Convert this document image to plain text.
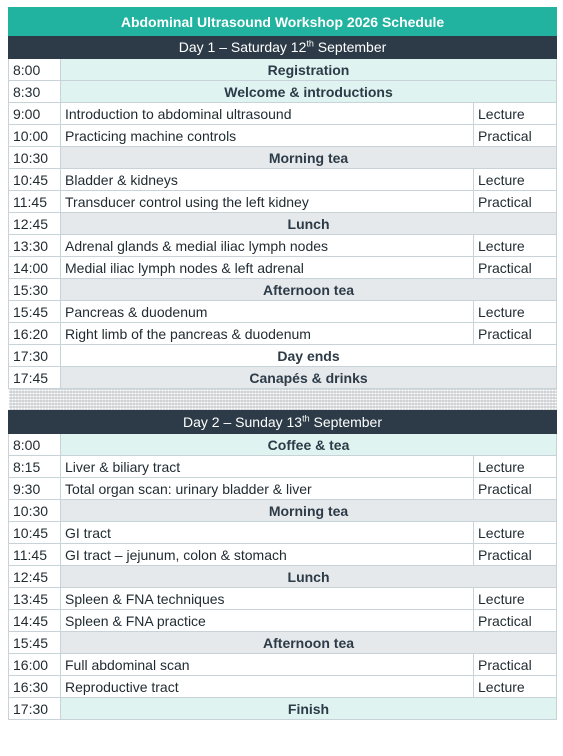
Abdominal Ultrasound Workshop 2026 Schedule		
Day 1 – Saturday 12th September		
8:00	Registration	
8:30	Welcome & introductions	
9:00	Introduction to abdominal ultrasound	Lecture
10:00	Practicing machine controls	Practical
10:30	Morning tea	
10:45	Bladder & kidneys	Lecture
11:45	Transducer control using the left kidney	Practical
12:45	Lunch	
13:30	Adrenal glands & medial iliac lymph nodes	Lecture
14:00	Medial iliac lymph nodes & left adrenal	Practical
15:30	Afternoon tea	
15:45	Pancreas & duodenum	Lecture
16:20	Right limb of the pancreas & duodenum	Practical
17:30	Day ends	
17:45	Canapés & drinks	

Day 2 – Sunday 13th September		
8:00	Coffee & tea	
8:15	Liver & biliary tract	Lecture
9:30	Total organ scan: urinary bladder & liver	Practical
10:30	Morning tea	
10:45	GI tract	Lecture
11:45	GI tract – jejunum, colon & stomach	Practical
12:45	Lunch	
13:45	Spleen & FNA techniques	Lecture
14:45	Spleen & FNA practice	Practical
15:45	Afternoon tea	
16:00	Full abdominal scan	Practical
16:30	Reproductive tract	Lecture
17:30	Finish	
